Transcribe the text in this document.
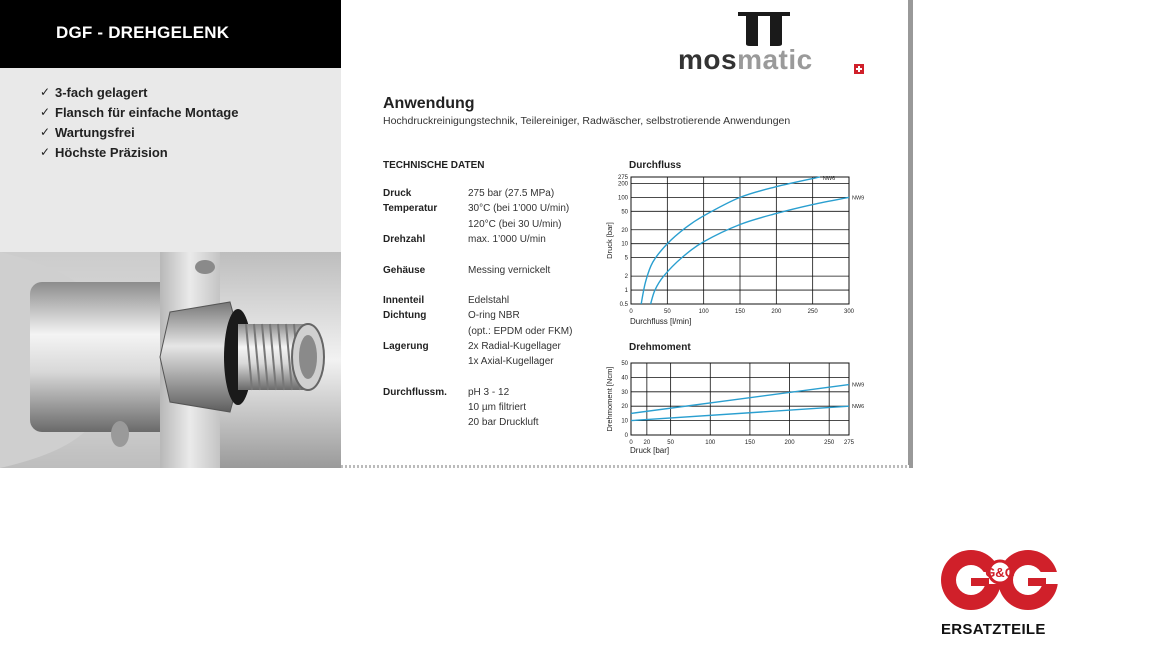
DGF - DREHGELENK
✓ 3-fach gelagert
✓ Flansch für einfache Montage
✓ Wartungsfrei
✓ Höchste Präzision
mosmatic
Anwendung
Hochdruckreinigungstechnik, Teilereiniger, Radwäscher, selbstrotierende Anwendungen
TECHNISCHE DATEN
Druck	275 bar (27.5 MPa)
Temperatur	30°C (bei 1’000 U/min)
120°C (bei 30 U/min)
Drehzahl	max. 1’000 U/min
Gehäuse	Messing vernickelt
Innenteil	Edelstahl
Dichtung	O-ring NBR
(opt.: EPDM oder FKM)
Lagerung	2x Radial-Kugellager
1x Axial-Kugellager
Durchflussm. pH 3 - 12
10 µm filtriert
20 bar Druckluft
Durchfluss
0	50	100	150	200	250	300
0.5
1
2
5
10
20
50
100
200
275	NW6
NW9
Durchfluss [l/min]
Druck [bar]
Drehmoment
0 20	50	100	150	200	250 275
0
10
20
30
40
50
NW9
NW6
Druck [bar]
Drehmoment [Ncm]
G&G
ERSATZTEILE
